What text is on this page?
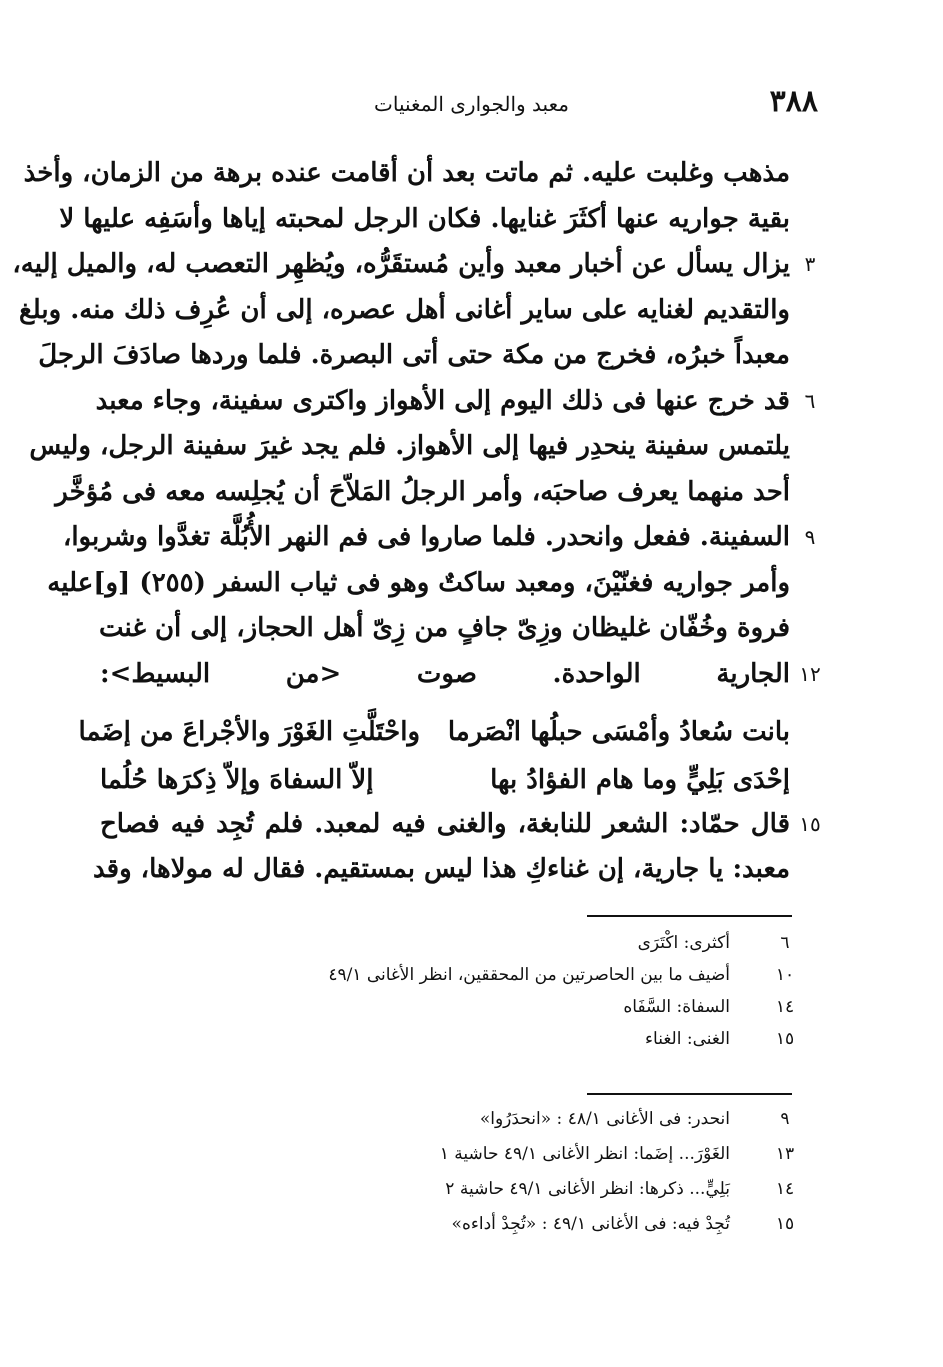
٣٨٨
معبد والجوارى المغنيات
مذهب وغلبت عليه. ثم ماتت بعد أن أقامت عنده برهة من الزمان، وأخذ
بقية جواريه عنها أكثَرَ غنايها. فكان الرجل لمحبته إياها وأسَفِه عليها لا
يزال يسأل عن أخبار معبد وأين مُستقَرُّه، ويُظهِر التعصب له، والميل إليه، ٣
والتقديم لغنايه على ساير أغانى أهل عصره، إلى أن عُرِف ذلك منه. وبلغ
معبداً خبرُه، فخرج من مكة حتى أتى البصرة. فلما وردها صادَفَ الرجلَ
قد خرج عنها فى ذلك اليوم إلى الأهواز واكترى سفينة، وجاء معبد ٦
يلتمس سفينة ينحدِر فيها إلى الأهواز. فلم يجد غيرَ سفينة الرجل، وليس
أحد منهما يعرف صاحبَه، وأمر الرجلُ المَلاّحَ أن يُجلِسه معه فى مُؤخَّر
السفينة. ففعل وانحدر. فلما صاروا فى فم النهر الأُبُلَّة تغدَّوا وشربوا، ٩
وأمر جواريه فغنّيْنَ، ومعبد ساكتٌ وهو فى ثياب السفر (٢٥٥) [و]عليه
فروة وخُفّان غليظان وزِىّ جافٍ من زِىّ أهل الحجاز، إلى أن غنت
الجارية الواحدة. صوت <من البسيط>: ١٢
بانت سُعادُ وأمْسَى حبلُها انْصَرما
واحْتَلَّتِ الغَوْرَ والأجْراعَ من إضَما
إحْدَى بَلِيٍّ وما هام الفؤادُ بها
إلاّ السفاهَ وإلاّ ذِكرَها حُلُما
قال حمّاد: الشعر للنابغة، والغنى فيه لمعبد. فلم تُجِد فيه فصاح ١٥
معبد: يا جارية، إن غناءكِ هذا ليس بمستقيم. فقال له مولاها، وقد
٦
أكثرى: اكْتَرَى
١٠
أضيف ما بين الحاصرتين من المحققين، انظر الأغانى ٤٩/١
١٤
السفاة: السَّفَاه
١٥
الغنى: الغناء
٩
انحدر: فى الأغانى ٤٨/١ : «انحدَرُوا»
١٣
الغَوْرَ... إضَما: انظر الأغانى ٤٩/١ حاشية ١
١٤
بَلِيٍّ... ذكرها: انظر الأغانى ٤٩/١ حاشية ٢
١٥
تُجِدْ فيه: فى الأغانى ٤٩/١ : «تُجِدْ أداءه»
